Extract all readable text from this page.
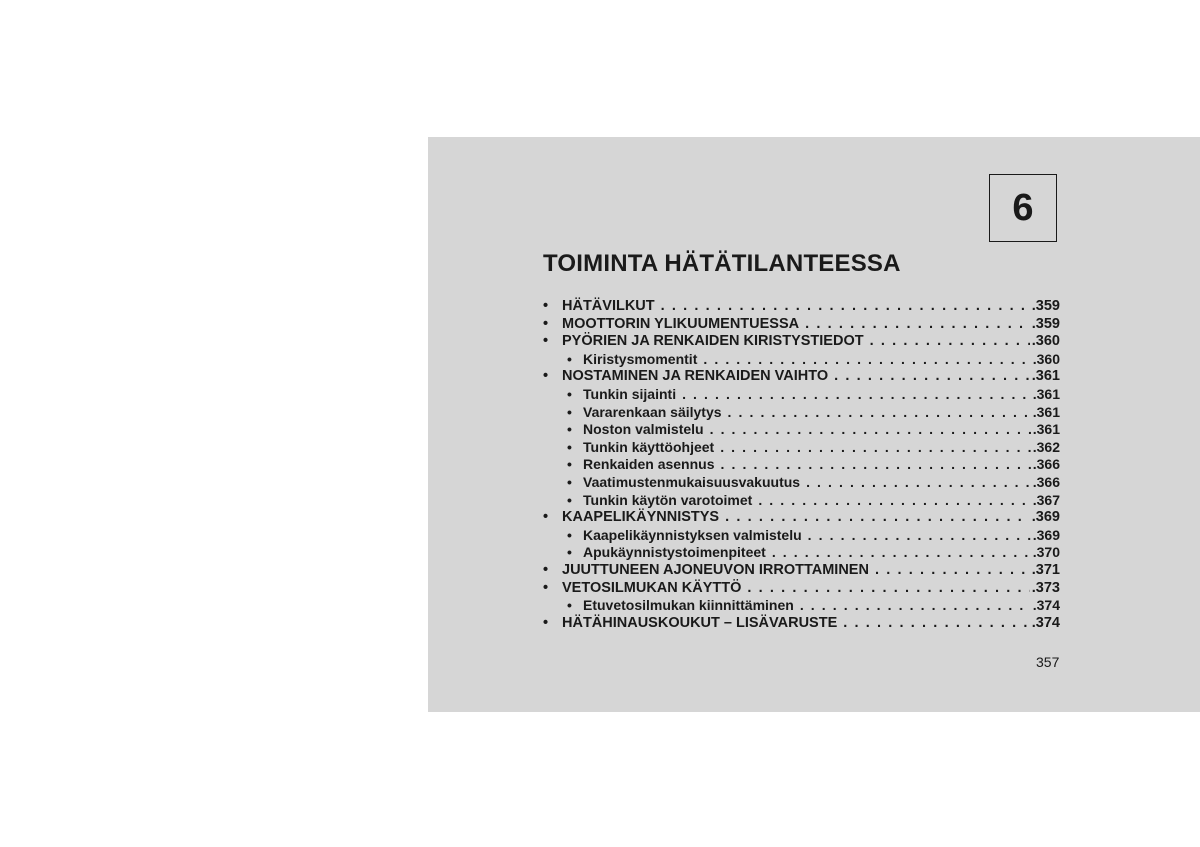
6
TOIMINTA HÄTÄTILANTEESSA
• HÄTÄVILKUT . . .	.359
• MOOTTORIN YLIKUUMENTUESSA . . .	.359
• PYÖRIEN JA RENKAIDEN KIRISTYSTIEDOT . . .	.360
• Kiristysmomentit . . .	.360
• NOSTAMINEN JA RENKAIDEN VAIHTO . . .	.361
• Tunkin sijainti . . .	.361
• Vararenkaan säilytys . . .	.361
• Noston valmistelu . . .	.361
• Tunkin käyttöohjeet . . .	.362
• Renkaiden asennus . . .	.366
• Vaatimustenmukaisuusvakuutus . . .	.366
• Tunkin käytön varotoimet . . .	.367
• KAAPELIKÄYNNISTYS . . .	.369
• Kaapelikäynnistyksen valmistelu . . .	.369
• Apukäynnistystoimenpiteet . . .	.370
• JUUTTUNEEN AJONEUVON IRROTTAMINEN . . .	.371
• VETOSILMUKAN KÄYTTÖ . . .	.373
• Etuvetosilmukan kiinnittäminen . . .	.374
• HÄTÄHINAUSKOUKUT – LISÄVARUSTE . . .	.374
357
